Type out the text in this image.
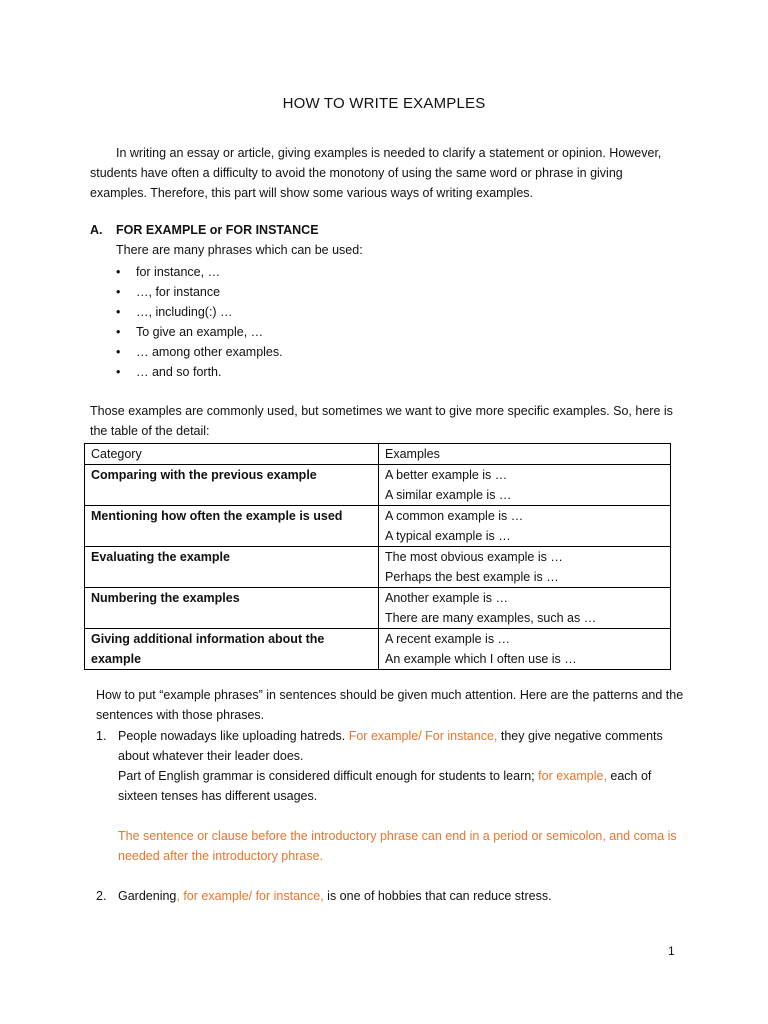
HOW TO WRITE EXAMPLES
In writing an essay or article, giving examples is needed to clarify a statement or opinion. However, students have often a difficulty to avoid the monotony of using the same word or phrase in giving examples. Therefore, this part will show some various ways of writing examples.
A. FOR EXAMPLE or FOR INSTANCE
There are many phrases which can be used:
• for instance, …
• …, for instance
• …, including(:) …
• To give an example, …
• … among other examples.
• … and so forth.
Those examples are commonly used, but sometimes we want to give more specific examples. So, here is the table of the detail:
Category	Examples
Comparing with the previous example	A better example is …
A similar example is …

Mentioning how often the example is used	A common example is …
A typical example is …

Evaluating the example	The most obvious example is …
Perhaps the best example is …

Numbering the examples	Another example is …
There are many examples, such as …

Giving additional information about the example	A recent example is …
An example which I often use is …
How to put “example phrases” in sentences should be given much attention. Here are the patterns and the sentences with those phrases.
1. People nowadays like uploading hatreds. For example/ For instance, they give negative comments about whatever their leader does.
Part of English grammar is considered difficult enough for students to learn; for example, each of sixteen tenses has different usages.
The sentence or clause before the introductory phrase can end in a period or semicolon, and coma is needed after the introductory phrase.
2. Gardening, for example/ for instance, is one of hobbies that can reduce stress.
1
